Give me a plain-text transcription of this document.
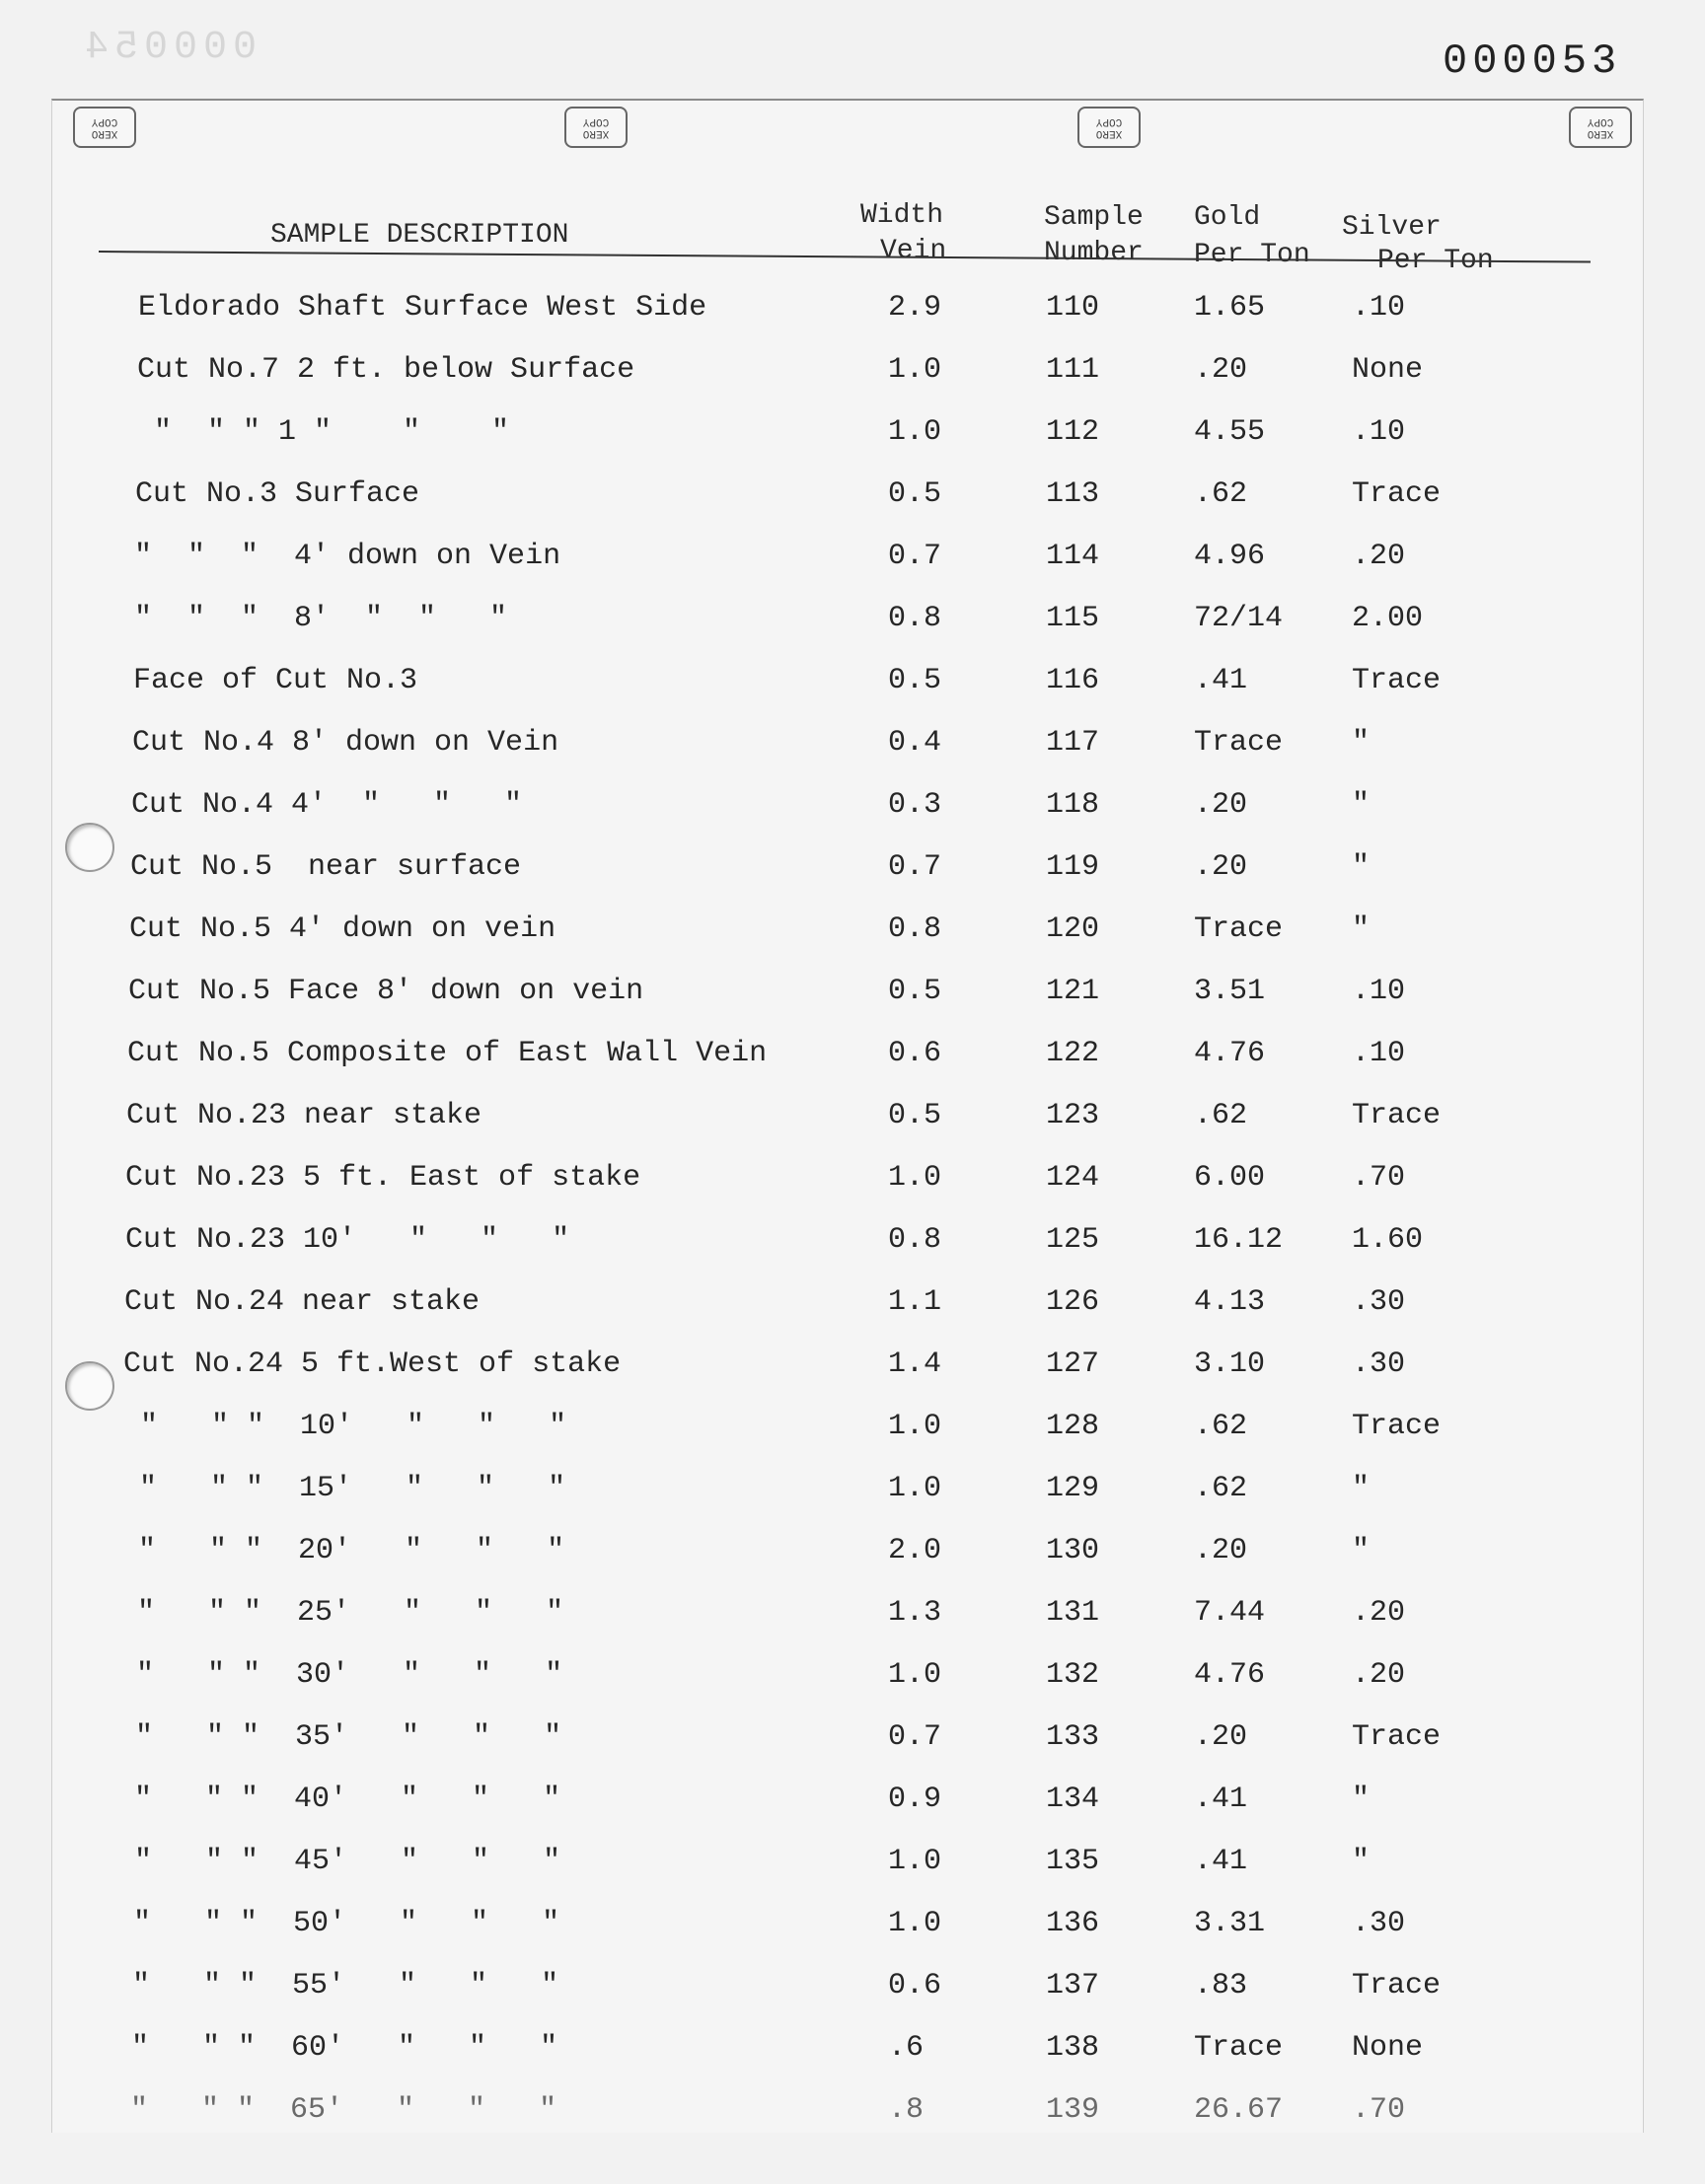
000054	000053
XERO
COPY
XERO
COPY
XERO
COPY
XERO
COPY
SAMPLE DESCRIPTION
Width
Vein
Sample
Number
Gold
Per Ton
Silver
Per Ton
Eldorado Shaft Surface West Side	2.9	110	1.65	.10
Cut No.7 2 ft. below Surface	1.0	111	.20	None
"  " " 1 "    "    "	1.0	112	4.55	.10
Cut No.3 Surface	0.5	113	.62	Trace
"  "  "  4' down on Vein	0.7	114	4.96	.20
"  "  "  8'  "  "   "	0.8	115	72/14 2.00
Face of Cut No.3	0.5	116	.41	Trace
Cut No.4 8' down on Vein	0.4	117	Trace "
Cut No.4 4'  "   "   "	0.3	118	.20	"
Cut No.5  near surface	0.7	119	.20	"
Cut No.5 4' down on vein	0.8	120	Trace "
Cut No.5 Face 8' down on vein	0.5	121	3.51	.10
Cut No.5 Composite of East Wall Vein	0.6	122	4.76	.10
Cut No.23 near stake	0.5	123	.62	Trace
Cut No.23 5 ft. East of stake	1.0	124	6.00	.70
Cut No.23 10'   "   "   "	0.8	125	16.12 1.60
Cut No.24 near stake	1.1	126	4.13	.30
Cut No.24 5 ft.West of stake	1.4	127	3.10	.30
"   " "  10'   "   "   "	1.0	128	.62	Trace
"   " "  15'   "   "   "	1.0	129	.62	"
"   " "  20'   "   "   "	2.0	130	.20	"
"   " "  25'   "   "   "	1.3	131	7.44	.20
"   " "  30'   "   "   "	1.0	132	4.76	.20
"   " "  35'   "   "   "	0.7	133	.20	Trace
"   " "  40'   "   "   "	0.9	134	.41	"
"   " "  45'   "   "   "	1.0	135	.41	"
"   " "  50'   "   "   "	1.0	136	3.31	.30
"   " "  55'   "   "   "	0.6	137	.83	Trace
"   " "  60'   "   "   "	.6	138	Trace None
"   " "  65'   "   "   "	.8	139	26.67 .70
